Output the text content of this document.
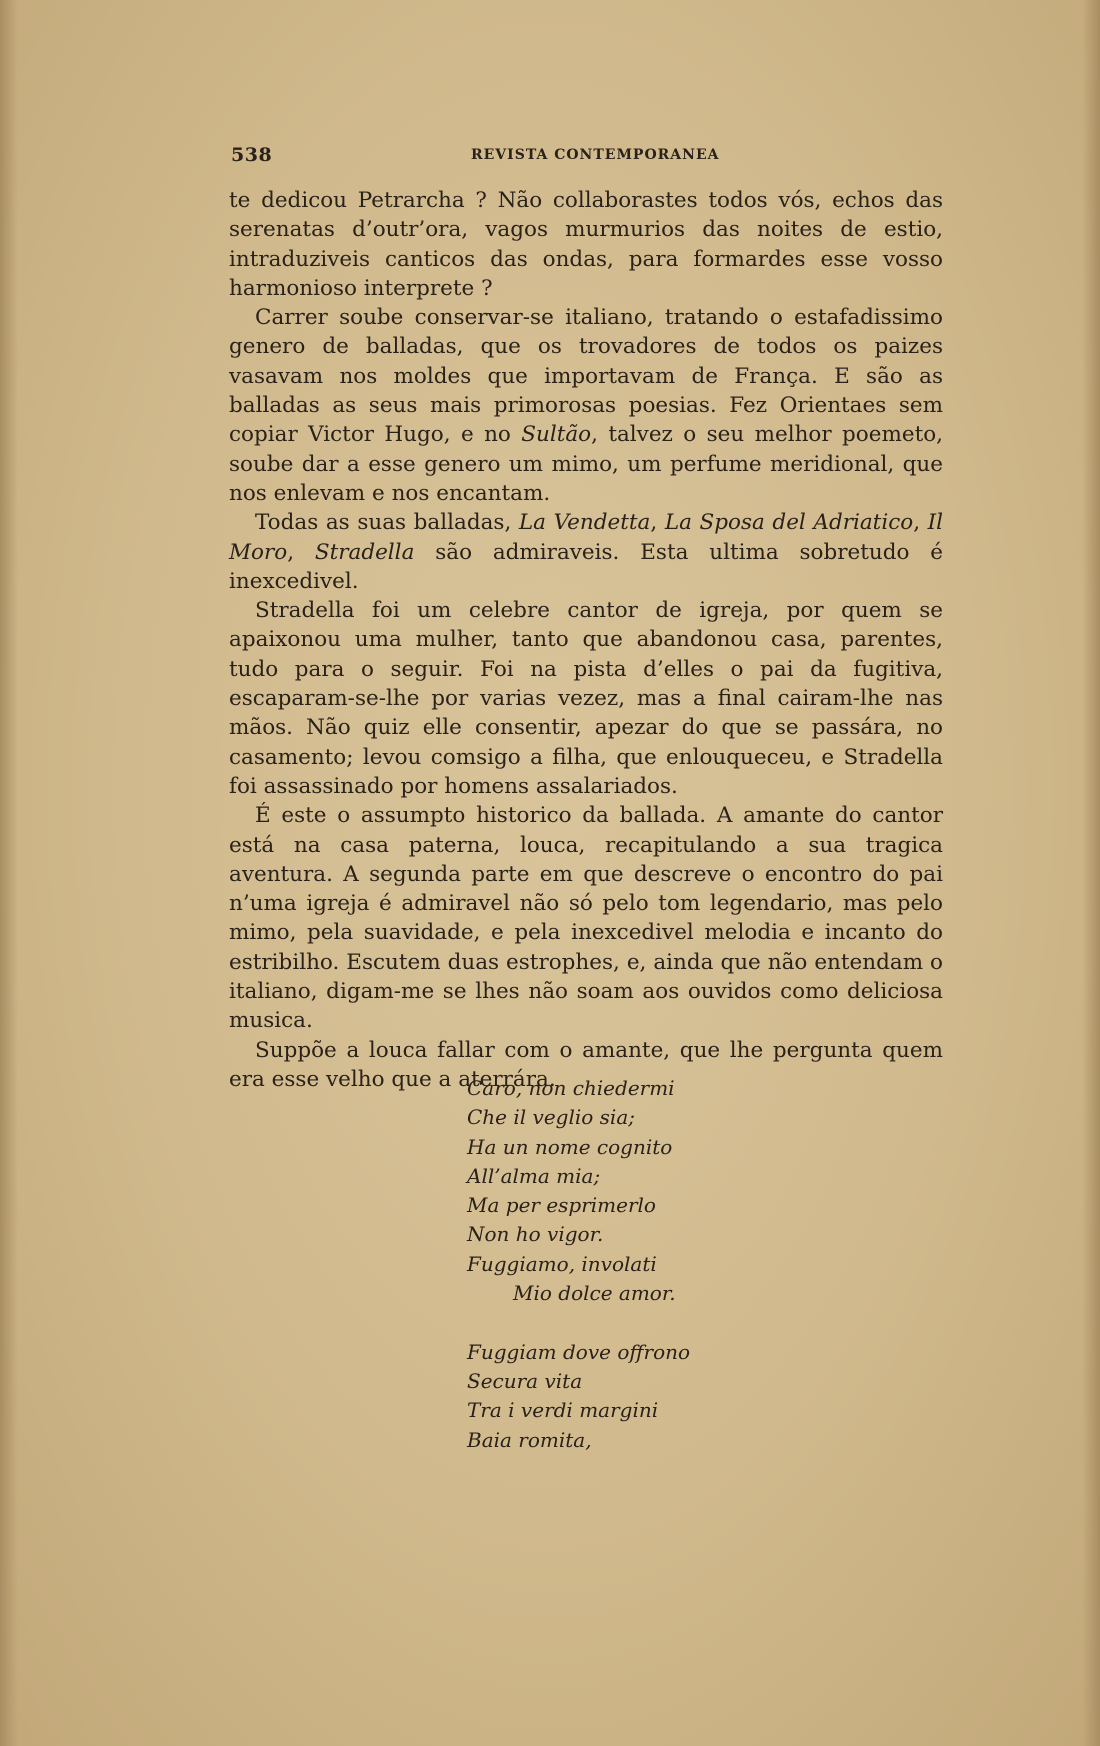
538	REVISTA CONTEMPORANEA

te dedicou Petrarcha ? Não collaborastes todos vós, echos das serenatas d’outr’ora, vagos murmurios das noites de estio, intraduziveis canticos das ondas, para formardes esse vosso harmonioso interprete ?

Carrer soube conservar-se italiano, tratando o estafadissimo genero de balladas, que os trovadores de todos os paizes vasavam nos moldes que importavam de França. E são as balladas as seus mais primorosas poesias. Fez Orientaes sem copiar Victor Hugo, e no Sultão, talvez o seu melhor poemeto, soube dar a esse genero um mimo, um perfume meridional, que nos enlevam e nos encantam.

Todas as suas balladas, La Vendetta, La Sposa del Adriatico, Il Moro, Stradella são admiraveis. Esta ultima sobretudo é inexcedivel.

Stradella foi um celebre cantor de igreja, por quem se apaixonou uma mulher, tanto que abandonou casa, parentes, tudo para o seguir. Foi na pista d’elles o pai da fugitiva, escaparam-se-lhe por varias vezez, mas a final cairam-lhe nas mãos. Não quiz elle consentir, apezar do que se passára, no casamento; levou comsigo a filha, que enlouqueceu, e Stradella foi assassinado por homens assalariados.

É este o assumpto historico da ballada. A amante do cantor está na casa paterna, louca, recapitulando a sua tragica aventura. A segunda parte em que descreve o encontro do pai n’uma igreja é admiravel não só pelo tom legendario, mas pelo mimo, pela suavidade, e pela inexcedivel melodia e incanto do estribilho. Escutem duas estrophes, e, ainda que não entendam o italiano, digam-me se lhes não soam aos ouvidos como deliciosa musica.

Suppõe a louca fallar com o amante, que lhe pergunta quem era esse velho que a aterrára.

Caro, non chiedermi
Che il veglio sia;
Ha un nome cognito
All’alma mia;
Ma per esprimerlo
Non ho vigor.
Fuggiamo, involati
Mio dolce amor.
Fuggiam dove offrono
Secura vita
Tra i verdi margini
Baia romita,
